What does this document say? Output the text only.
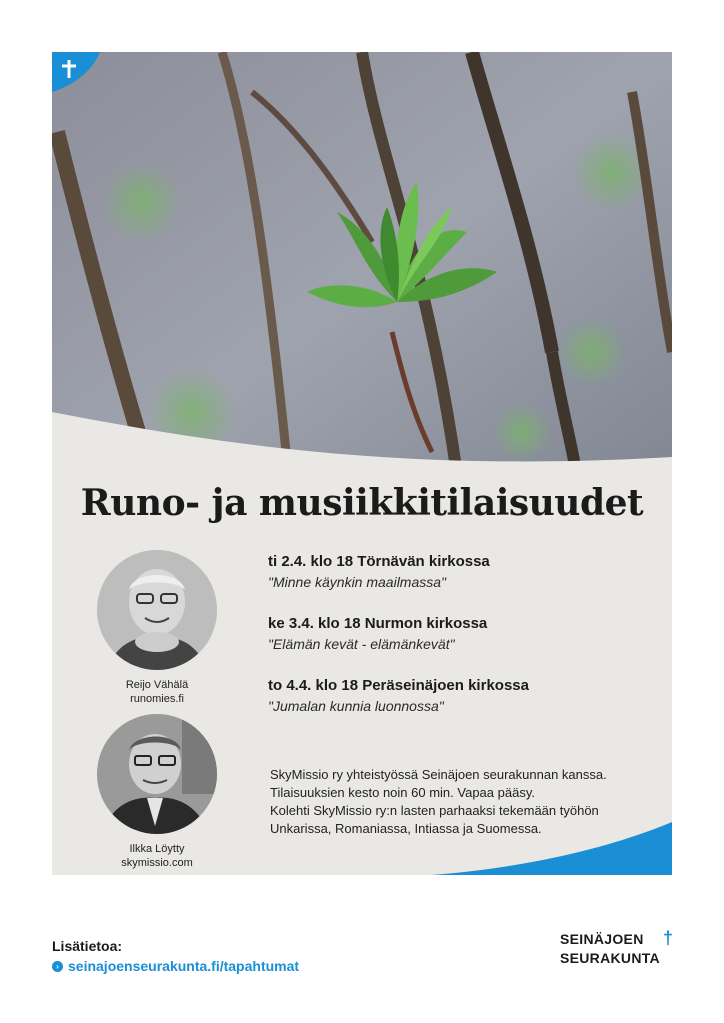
Runo- ja musiikkitilaisuudet
Reijo Vähälä
runomies.fi
Ilkka Löytty
skymissio.com
ti 2.4. klo 18 Törnävän kirkossa
"Minne käynkin maailmassa"
ke 3.4. klo 18 Nurmon kirkossa
"Elämän kevät - elämänkevät"
to 4.4. klo 18 Peräseinäjoen kirkossa
"Jumalan kunnia luonnossa"

SkyMissio ry yhteistyössä Seinäjoen seurakunnan kanssa.

Tilaisuuksien kesto noin 60 min. Vapaa pääsy.

Kolehti SkyMissio ry:n lasten parhaaksi tekemään työhön

Unkarissa, Romaniassa, Intiassa ja Suomessa.

Lisätietoa:
› seinajoenseurakunta.fi/tapahtumat
SEINÄJOEN
SEURAKUNTA
†
